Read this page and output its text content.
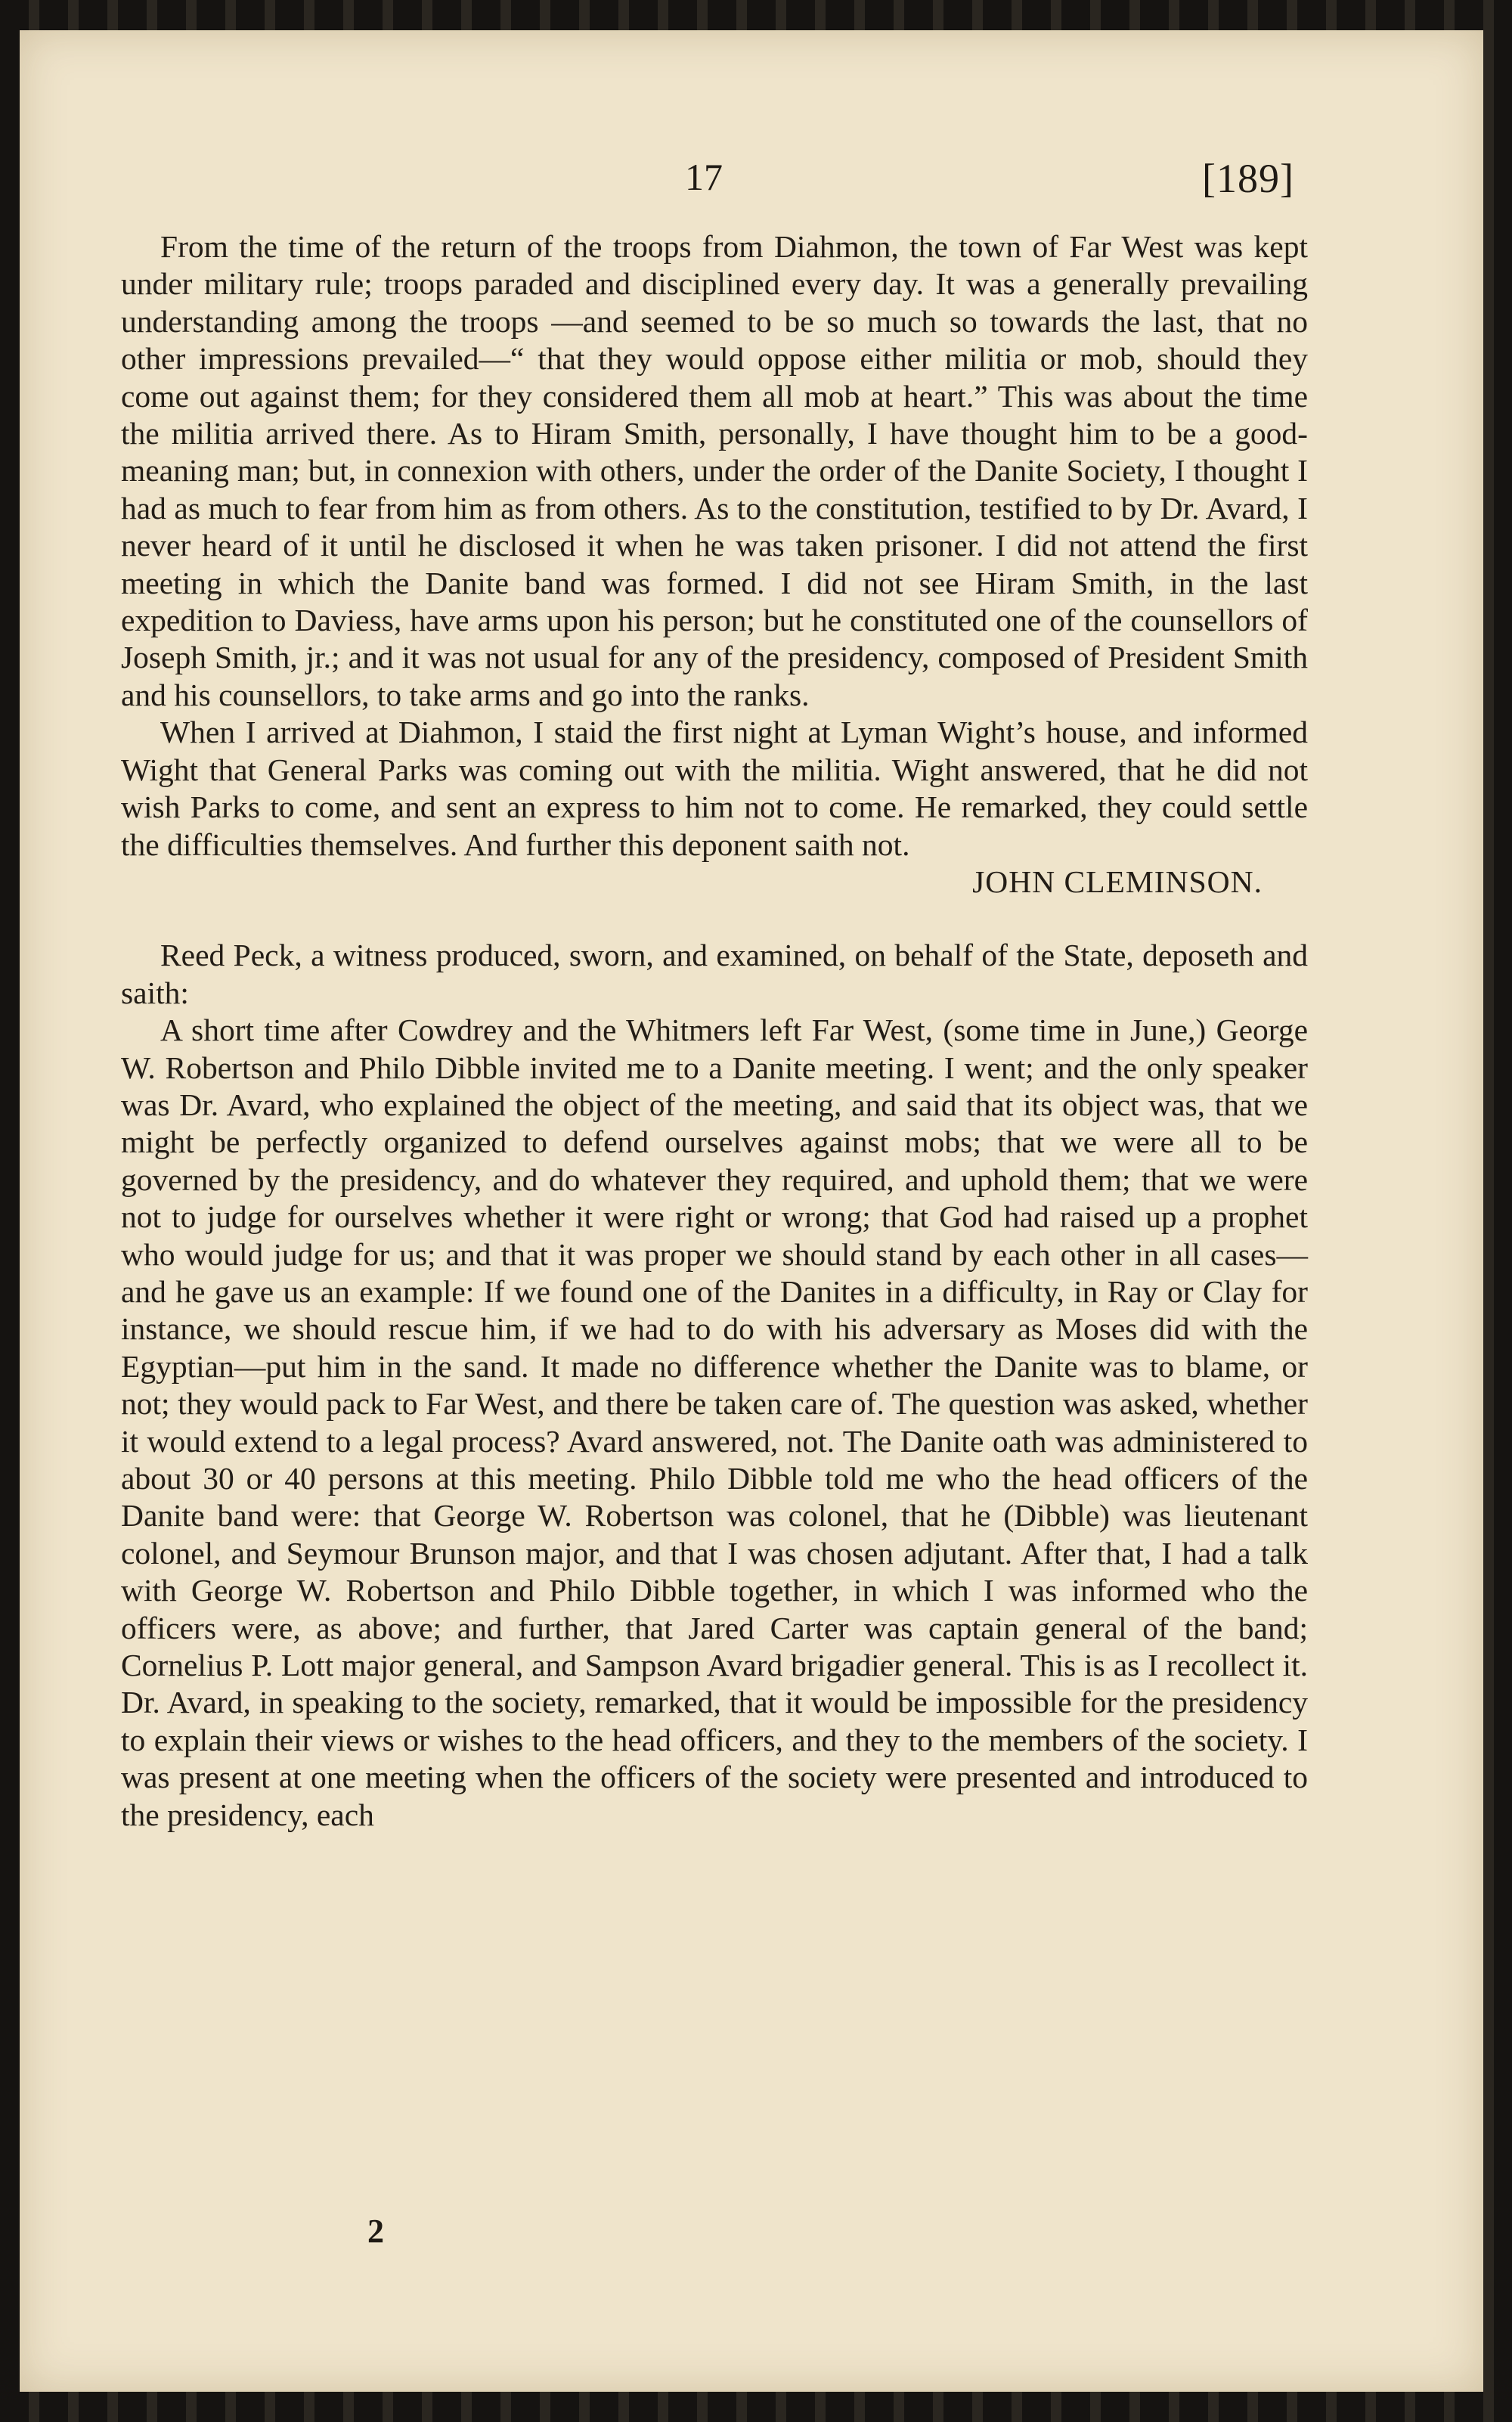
17	[189]

From the time of the return of the troops from Diahmon, the town of Far West was kept under military rule; troops paraded and disciplined every day. It was a generally prevailing understanding among the troops —and seemed to be so much so towards the last, that no other impressions prevailed—“ that they would oppose either militia or mob, should they come out against them; for they considered them all mob at heart.” This was about the time the militia arrived there. As to Hiram Smith, personally, I have thought him to be a good-meaning man; but, in connexion with others, under the order of the Danite Society, I thought I had as much to fear from him as from others. As to the constitution, testified to by Dr. Avard, I never heard of it until he disclosed it when he was taken prisoner. I did not attend the first meeting in which the Danite band was formed. I did not see Hiram Smith, in the last expedition to Daviess, have arms upon his person; but he constituted one of the counsellors of Joseph Smith, jr.; and it was not usual for any of the presidency, composed of President Smith and his counsellors, to take arms and go into the ranks.

When I arrived at Diahmon, I staid the first night at Lyman Wight’s house, and informed Wight that General Parks was coming out with the militia. Wight answered, that he did not wish Parks to come, and sent an express to him not to come. He remarked, they could settle the difficulties themselves. And further this deponent saith not.

JOHN CLEMINSON.

Reed Peck, a witness produced, sworn, and examined, on behalf of the State, deposeth and saith:

A short time after Cowdrey and the Whitmers left Far West, (some time in June,) George W. Robertson and Philo Dibble invited me to a Danite meeting. I went; and the only speaker was Dr. Avard, who explained the object of the meeting, and said that its object was, that we might be perfectly organized to defend ourselves against mobs; that we were all to be governed by the presidency, and do whatever they required, and uphold them; that we were not to judge for ourselves whether it were right or wrong; that God had raised up a prophet who would judge for us; and that it was proper we should stand by each other in all cases—and he gave us an example: If we found one of the Danites in a difficulty, in Ray or Clay for instance, we should rescue him, if we had to do with his adversary as Moses did with the Egyptian—put him in the sand. It made no difference whether the Danite was to blame, or not; they would pack to Far West, and there be taken care of. The question was asked, whether it would extend to a legal process? Avard answered, not. The Danite oath was administered to about 30 or 40 persons at this meeting. Philo Dibble told me who the head officers of the Danite band were: that George W. Robertson was colonel, that he (Dibble) was lieutenant colonel, and Seymour Brunson major, and that I was chosen adjutant. After that, I had a talk with George W. Robertson and Philo Dibble together, in which I was informed who the officers were, as above; and further, that Jared Carter was captain general of the band; Cornelius P. Lott major general, and Sampson Avard brigadier general. This is as I recollect it. Dr. Avard, in speaking to the society, remarked, that it would be impossible for the presidency to explain their views or wishes to the head officers, and they to the members of the society. I was present at one meeting when the officers of the society were presented and introduced to the presidency, each

2
